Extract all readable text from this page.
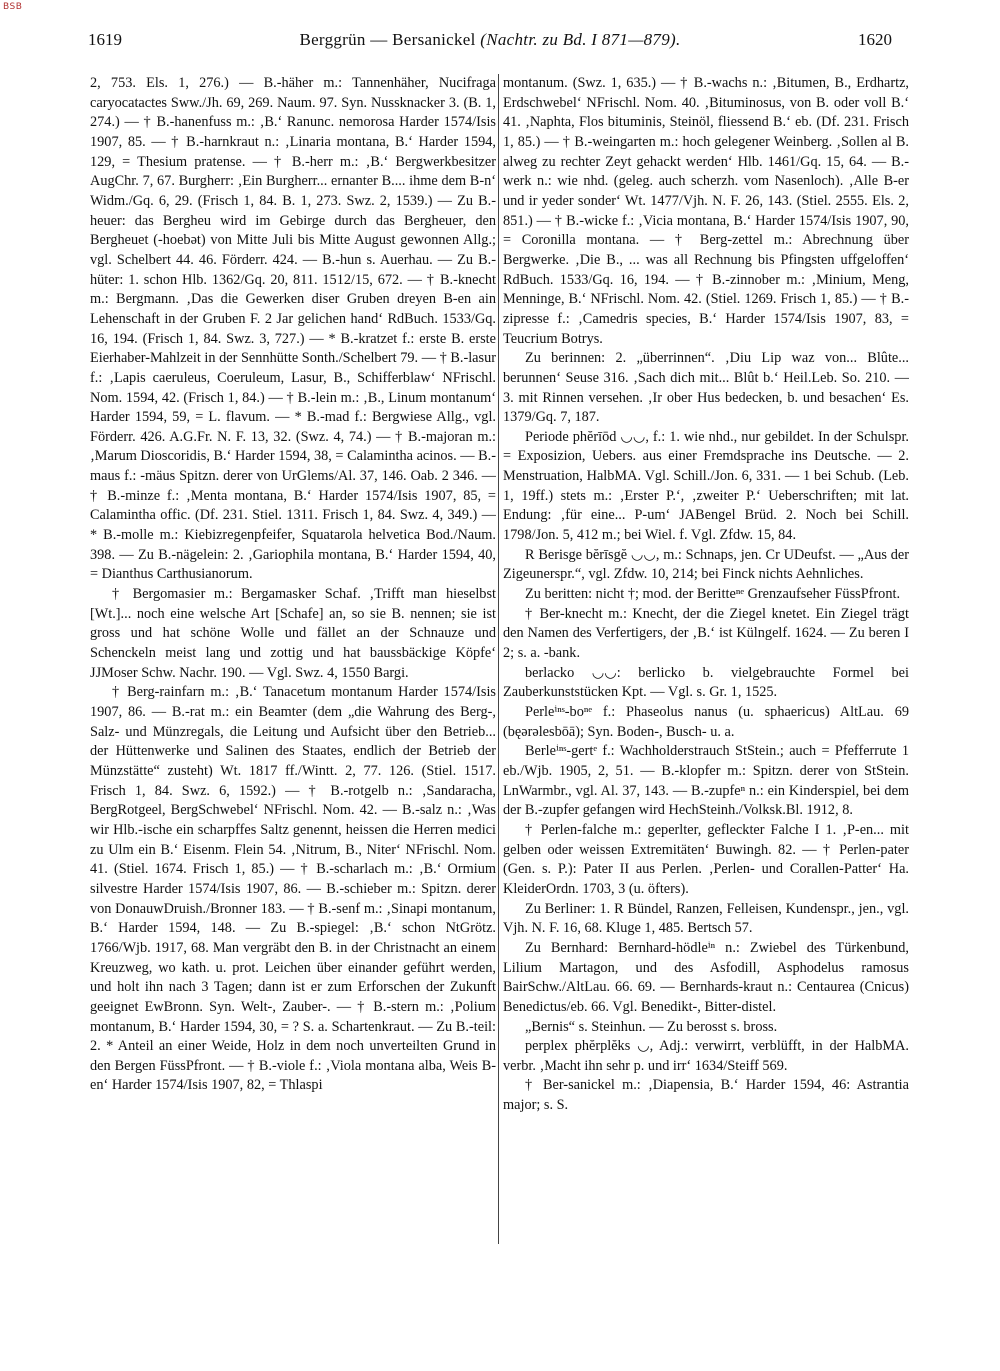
BSB
1619	Berggrün — Bersanickel (Nachtr. zu Bd. I 871—879).	1620

2, 753. Els. 1, 276.) — B.-häher m.: Tannenhäher, Nucifraga caryocatactes Sww./Jh. 69, 269. Naum. 97. Syn. Nussknacker 3. (B. 1, 274.) — † B.-hanenfuss m.: ‚B.‘ Ranunc. nemorosa Harder 1574/Isis 1907, 85. — † B.-harnkraut n.: ‚Linaria montana, B.‘ Harder 1594, 129, = Thesium pratense. — † B.-herr m.: ‚B.‘ Bergwerkbesitzer AugChr. 7, 67. Burgherr: ‚Ein Burgherr... ernanter B.... ihme dem B-n‘ Widm./Gq. 6, 29. (Frisch 1, 84. B. 1, 273. Swz. 2, 1539.) — Zu B.-heuer: das Bergheu wird im Gebirge durch das Bergheuer, den Bergheuet (-hoebət) von Mitte Juli bis Mitte August gewonnen Allg.; vgl. Schelbert 44. 46. Förderr. 424. — B.-hun s. Auerhau. — Zu B.-hüter: 1. schon Hlb. 1362/Gq. 20, 811. 1512/15, 672. — † B.-knecht m.: Bergmann. ‚Das die Gewerken diser Gruben dreyen B-en ain Lehenschaft in der Gruben F. 2 Jar gelichen hand‘ RdBuch. 1533/Gq. 16, 194. (Frisch 1, 84. Swz. 3, 727.) — * B.-kratzet f.: erste B. erste Eierhaber-Mahlzeit in der Sennhütte Sonth./Schelbert 79. — † B.-lasur f.: ‚Lapis caeruleus, Coeruleum, Lasur, B., Schifferblaw‘ NFrischl. Nom. 1594, 42. (Frisch 1, 84.) — † B.-lein m.: ‚B., Linum montanum‘ Harder 1594, 59, = L. flavum. — * B.-mad f.: Bergwiese Allg., vgl. Förderr. 426. A.G.Fr. N. F. 13, 32. (Swz. 4, 74.) — † B.-majoran m.: ‚Marum Dioscoridis, B.‘ Harder 1594, 38, = Calamintha acinos. — B.-maus f.: -mäus Spitzn. derer von UrGlems/Al. 37, 146. Oab. 2 346. — † B.-minze f.: ‚Menta montana, B.‘ Harder 1574/Isis 1907, 85, = Calamintha offic. (Df. 231. Stiel. 1311. Frisch 1, 84. Swz. 4, 349.) — * B.-molle m.: Kiebizregenpfeifer, Squatarola helvetica Bod./Naum. 398. — Zu B.-nägelein: 2. ‚Gariophila montana, B.‘ Harder 1594, 40, = Dianthus Carthusianorum.

† Bergomasier m.: Bergamasker Schaf. ‚Trifft man hieselbst [Wt.]... noch eine welsche Art [Schafe] an, so sie B. nennen; sie ist gross und hat schöne Wolle und fället an der Schnauze und Schenckeln meist lang und zottig und hat baussbäckige Köpfe‘ JJMoser Schw. Nachr. 190. — Vgl. Swz. 4, 1550 Bargi.

† Berg-rainfarn m.: ‚B.‘ Tanacetum montanum Harder 1574/Isis 1907, 86. — B.-rat m.: ein Beamter (dem „die Wahrung des Berg-, Salz- und Münzregals, die Leitung und Aufsicht über den Betrieb... der Hüttenwerke und Salinen des Staates, endlich der Betrieb der Münzstätte“ zusteht) Wt. 1817 ff./Wintt. 2, 77. 126. (Stiel. 1517. Frisch 1, 84. Swz. 6, 1592.) — † B.-rotgelb n.: ‚Sandaracha, BergRotgeel, BergSchwebel‘ NFrischl. Nom. 42. — B.-salz n.: ‚Was wir Hlb.-ische ein scharpffes Saltz genennt, heissen die Herren medici zu Ulm ein B.‘ Eisenm. Flein 54. ‚Nitrum, B., Niter‘ NFrischl. Nom. 41. (Stiel. 1674. Frisch 1, 85.) — † B.-scharlach m.: ‚B.‘ Ormium silvestre Harder 1574/Isis 1907, 86. — B.-schieber m.: Spitzn. derer von DonauwDruish./Bronner 183. — † B.-senf m.: ‚Sinapi montanum, B.‘ Harder 1594, 148. — Zu B.-spiegel: ‚B.‘ schon NtGrötz. 1766/Wjb. 1917, 68. Man vergräbt den B. in der Christnacht an einem Kreuzweg, wo kath. u. prot. Leichen über einander geführt werden, und holt ihn nach 3 Tagen; dann ist er zum Erforschen der Zukunft geeignet EwBronn. Syn. Welt-, Zauber-. — † B.-stern m.: ‚Polium montanum, B.‘ Harder 1594, 30, = ? S. a. Schartenkraut. — Zu B.-teil: 2. * Anteil an einer Weide, Holz in dem noch unverteilten Grund in den Bergen FüssPfront. — † B.-viole f.: ‚Viola montana alba, Weis B-en‘ Harder 1574/Isis 1907, 82, = Thlaspi

montanum. (Swz. 1, 635.) — † B.-wachs n.: ‚Bitumen, B., Erdhartz, Erdschwebel‘ NFrischl. Nom. 40. ‚Bituminosus, von B. oder voll B.‘ 41. ‚Naphta, Flos bituminis, Steinöl, fliessend B.‘ eb. (Df. 231. Frisch 1, 85.) — † B.-weingarten m.: hoch gelegener Weinberg. ‚Sollen al B. alweg zu rechter Zeyt gehackt werden‘ Hlb. 1461/Gq. 15, 64. — B.-werk n.: wie nhd. (geleg. auch scherzh. vom Nasenloch). ‚Alle B-er und ir yeder sonder‘ Wt. 1477/Vjh. N. F. 26, 143. (Stiel. 2555. Els. 2, 851.) — † B.-wicke f.: ‚Vicia montana, B.‘ Harder 1574/Isis 1907, 90, = Coronilla montana. — † Berg-zettel m.: Abrechnung über Bergwerke. ‚Die B., ... was all Rechnung bis Pfingsten uffgeloffen‘ RdBuch. 1533/Gq. 16, 194. — † B.-zinnober m.: ‚Minium, Meng, Menninge, B.‘ NFrischl. Nom. 42. (Stiel. 1269. Frisch 1, 85.) — † B.-zipresse f.: ‚Camedris species, B.‘ Harder 1574/Isis 1907, 83, = Teucrium Botrys.

Zu berinnen: 2. „überrinnen“. ‚Diu Lip waz von... Blûte... berunnen‘ Seuse 316. ‚Sach dich mit... Blût b.‘ Heil.Leb. So. 210. — 3. mit Rinnen versehen. ‚Ir ober Hus bedecken, b. und besachen‘ Es. 1379/Gq. 7, 187.

Periode phĕrīōd ◡◡, f.: 1. wie nhd., nur gebildet. In der Schulspr. = Exposizion, Uebers. aus einer Fremdsprache ins Deutsche. — 2. Menstruation, HalbMA. Vgl. Schill./Jon. 6, 331. — 1 bei Schub. (Leb. 1, 19ff.) stets m.: ‚Erster P.‘, ‚zweiter P.‘ Ueberschriften; mit lat. Endung: ‚für eine... P-um‘ JABengel Brüd. 2. Noch bei Schill. 1798/Jon. 5, 412 m.; bei Wiel. f. Vgl. Zfdw. 15, 84.

R Berisge bĕrīsgĕ ◡◡, m.: Schnaps, jen. Cr UDeufst. — „Aus der Zigeunerspr.“, vgl. Zfdw. 10, 214; bei Finck nichts Aehnliches.

Zu beritten: nicht †; mod. der Beritteⁿᵉ Grenzaufseher FüssPfront.

† Ber-knecht m.: Knecht, der die Ziegel knetet. Ein Ziegel trägt den Namen des Verfertigers, der ‚B.‘ ist Külngelf. 1624. — Zu beren I 2; s. a. -bank.

berlacko ◡◡: berlicko b. vielgebrauchte Formel bei Zauberkunststücken Kpt. — Vgl. s. Gr. 1, 1525.

Perleⁱⁿˢ-boⁿᵉ f.: Phaseolus nanus (u. sphaericus) AltLau. 69 (bęərəlesbōā); Syn. Boden-, Busch- u. a.

Berleⁱⁿˢ-gertᵉ f.: Wachholderstrauch StStein.; auch = Pfefferrute 1 eb./Wjb. 1905, 2, 51. — B.-klopfer m.: Spitzn. derer von StStein. LnWarmbr., vgl. Al. 37, 143. — B.-zupfeⁿ n.: ein Kinderspiel, bei dem der B.-zupfer gefangen wird HechSteinh./Volksk.Bl. 1912, 8.

† Perlen-falche m.: geperlter, gefleckter Falche I 1. ‚P-en... mit gelben oder weissen Extremitäten‘ Buwingh. 82. — † Perlen-pater (Gen. s. P.): Pater II aus Perlen. ‚Perlen- und Corallen-Patter‘ Ha. KleiderOrdn. 1703, 3 (u. öfters).

Zu Berliner: 1. R Bündel, Ranzen, Felleisen, Kundenspr., jen., vgl. Vjh. N. F. 16, 68. Kluge 1, 485. Bertsch 57.

Zu Bernhard: Bernhard-hödleⁱⁿ n.: Zwiebel des Türkenbund, Lilium Martagon, und des Asfodill, Asphodelus ramosus BairSchw./AltLau. 66. 69. — Bernhards-kraut n.: Centaurea (Cnicus) Benedictus/eb. 66. Vgl. Benedikt-, Bitter-distel.

„Bernis“ s. Steinhun. — Zu berosst s. bross.

perplex phĕrplĕks ◡, Adj.: verwirrt, verblüfft, in der HalbMA. verbr. ‚Macht ihn sehr p. und irr‘ 1634/Steiff 569.

† Ber-sanickel m.: ‚Diapensia, B.‘ Harder 1594, 46: Astrantia major; s. S.
